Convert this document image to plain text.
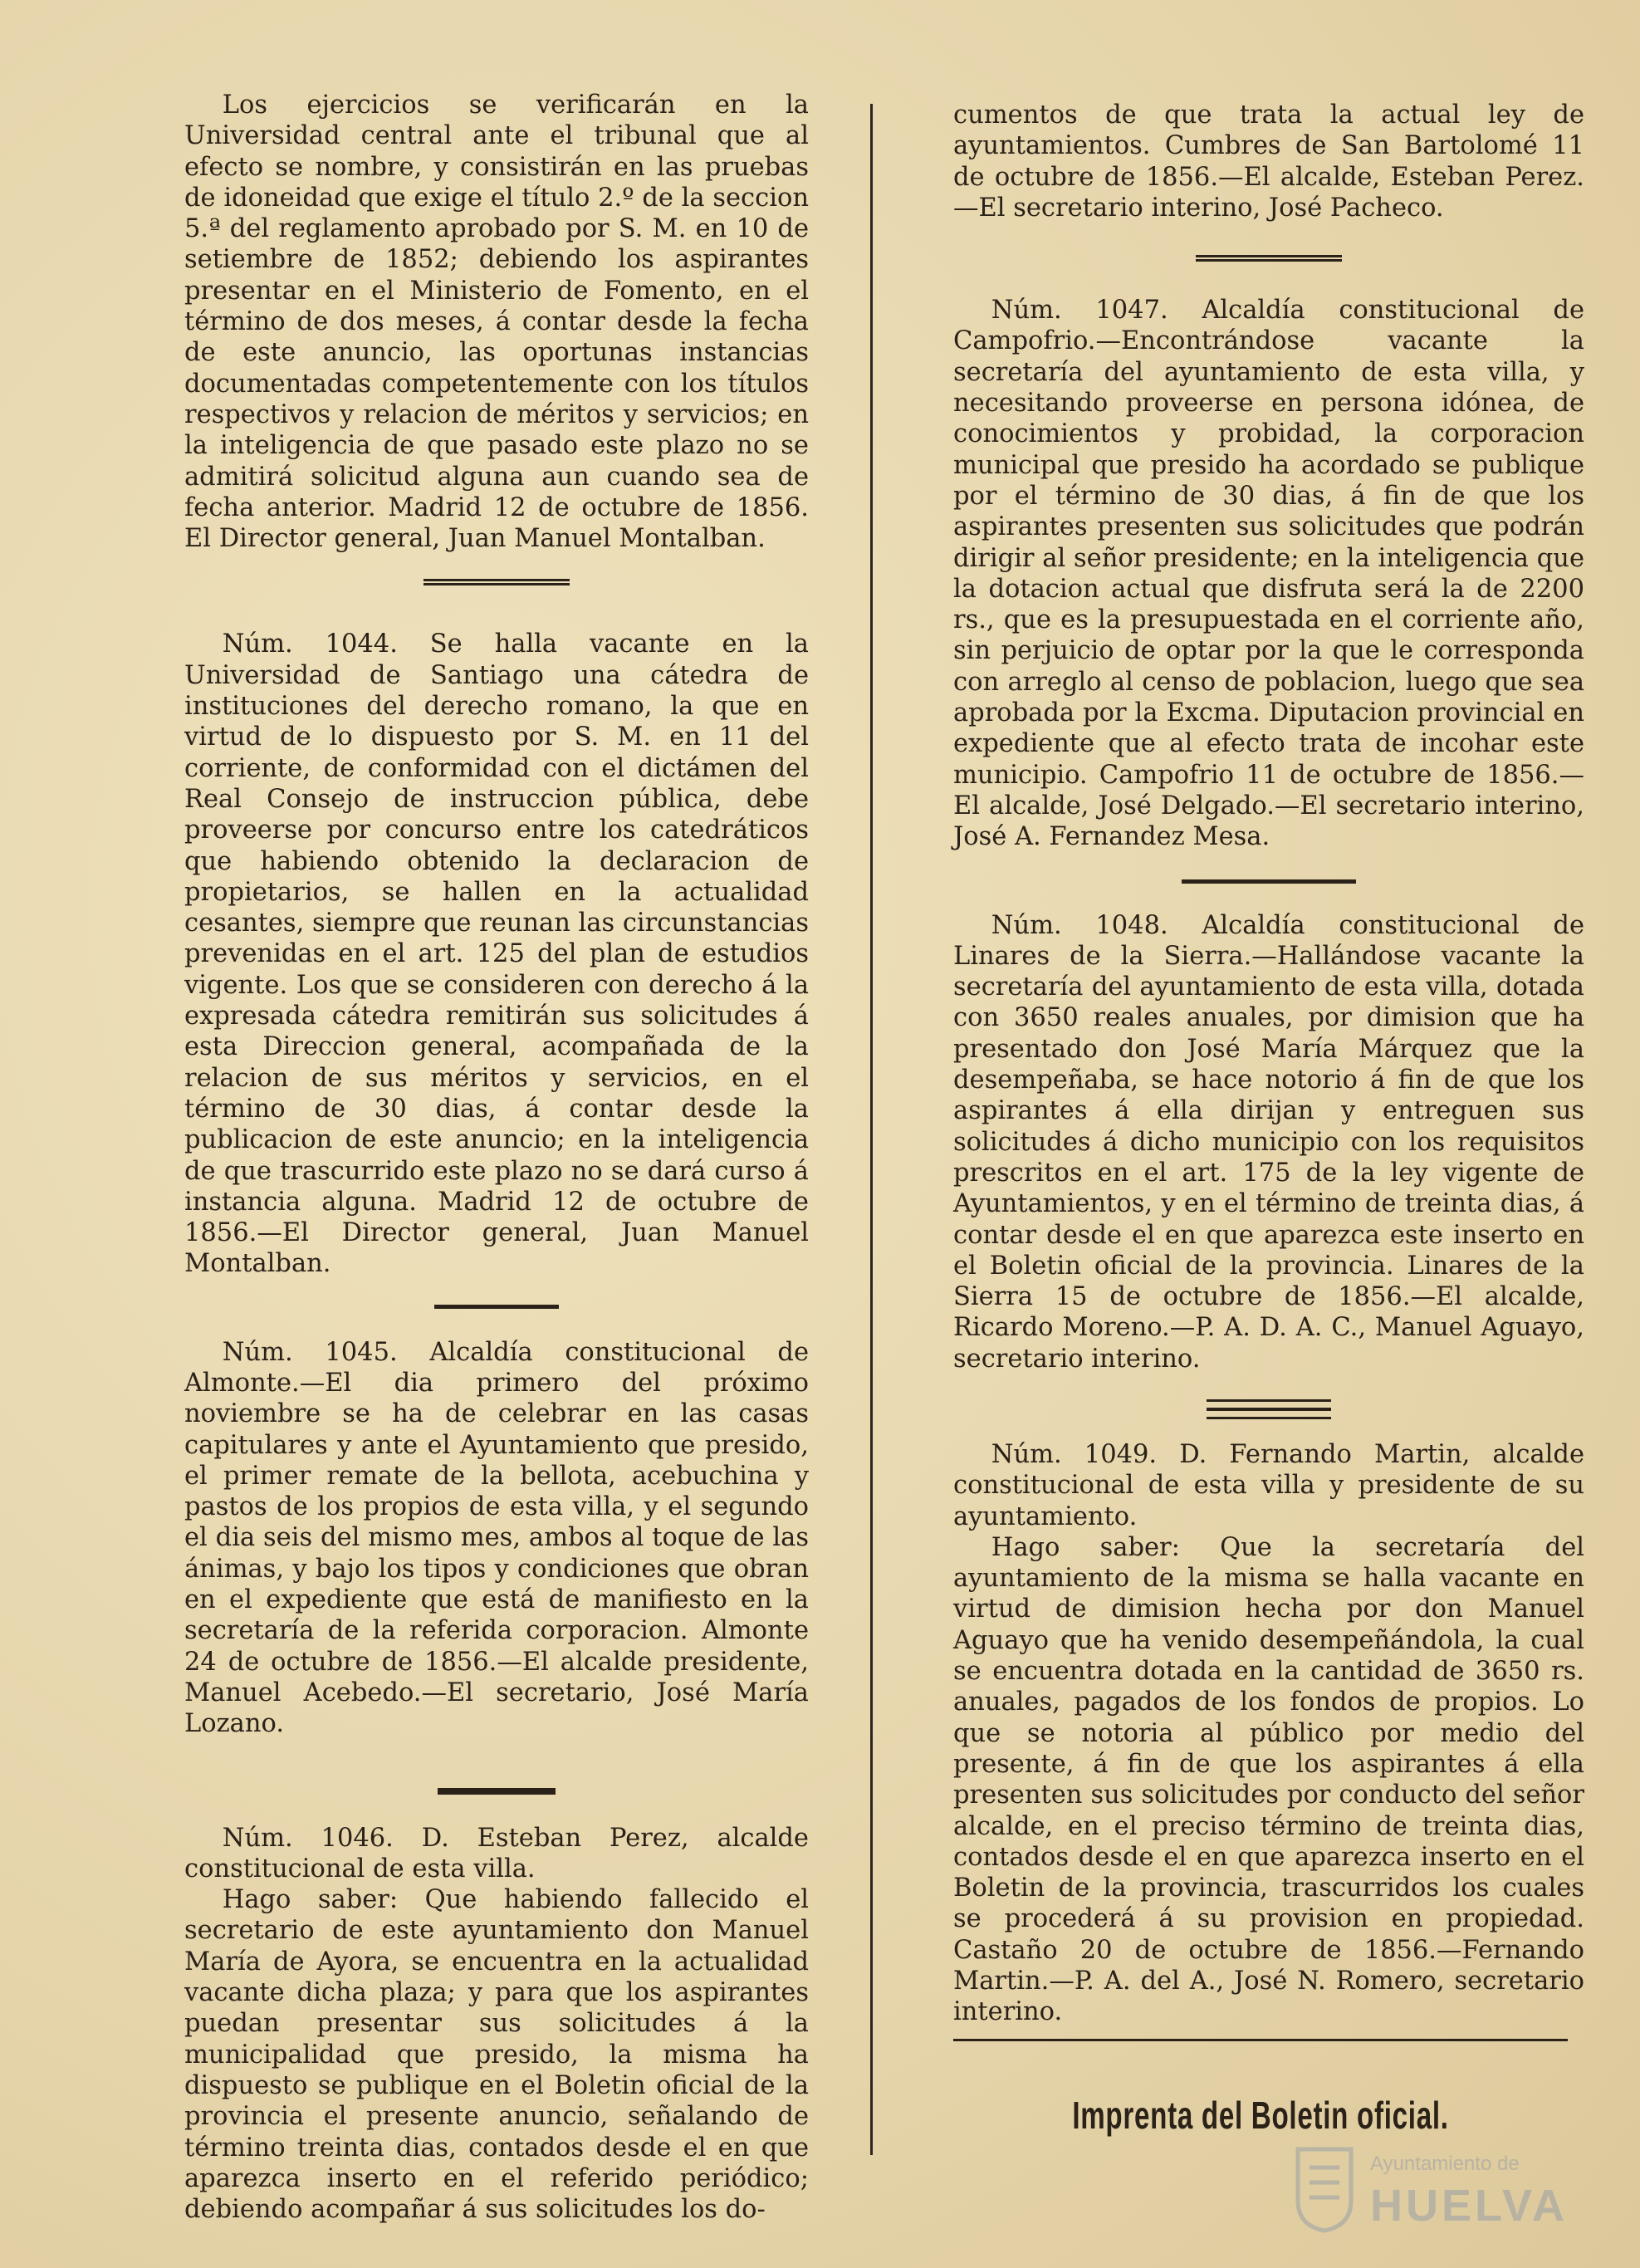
Los ejercicios se verificarán en la Universidad central ante el tribunal que al efecto se nombre, y consistirán en las pruebas de idoneidad que exige el título 2.º de la seccion 5.ª del reglamento aprobado por S. M. en 10 de setiembre de 1852; debiendo los aspirantes presentar en el Ministerio de Fomento, en el término de dos meses, á contar desde la fecha de este anuncio, las oportunas instancias documentadas competentemente con los títulos respectivos y relacion de méritos y servicios; en la inteligencia de que pasado este plazo no se admitirá solicitud alguna aun cuando sea de fecha anterior. Madrid 12 de octubre de 1856. El Director general, Juan Manuel Montalban.

Núm. 1044. Se halla vacante en la Universidad de Santiago una cátedra de instituciones del derecho romano, la que en virtud de lo dispuesto por S. M. en 11 del corriente, de conformidad con el dictámen del Real Consejo de instruccion pública, debe proveerse por concurso entre los catedráticos que habiendo obtenido la declaracion de propietarios, se hallen en la actualidad cesantes, siempre que reunan las circunstancias prevenidas en el art. 125 del plan de estudios vigente. Los que se consideren con derecho á la expresada cátedra remitirán sus solicitudes á esta Direccion general, acompañada de la relacion de sus méritos y servicios, en el término de 30 dias, á contar desde la publicacion de este anuncio; en la inteligencia de que trascurrido este plazo no se dará curso á instancia alguna. Madrid 12 de octubre de 1856.—El Director general, Juan Manuel Montalban.

Núm. 1045. Alcaldía constitucional de Almonte.—El dia primero del próximo noviembre se ha de celebrar en las casas capitulares y ante el Ayuntamiento que presido, el primer remate de la bellota, acebuchina y pastos de los propios de esta villa, y el segundo el dia seis del mismo mes, ambos al toque de las ánimas, y bajo los tipos y condiciones que obran en el expediente que está de manifiesto en la secretaría de la referida corporacion. Almonte 24 de octubre de 1856.—El alcalde presidente, Manuel Acebedo.—El secretario, José María Lozano.

Núm. 1046. D. Esteban Perez, alcalde constitucional de esta villa.

Hago saber: Que habiendo fallecido el secretario de este ayuntamiento don Manuel María de Ayora, se encuentra en la actualidad vacante dicha plaza; y para que los aspirantes puedan presentar sus solicitudes á la municipalidad que presido, la misma ha dispuesto se publique en el Boletin oficial de la provincia el presente anuncio, señalando de término treinta dias, contados desde el en que aparezca inserto en el referido periódico; debiendo acompañar á sus solicitudes los do-

cumentos de que trata la actual ley de ayuntamientos. Cumbres de San Bartolomé 11 de octubre de 1856.—El alcalde, Esteban Perez.—El secretario interino, José Pacheco.

Núm. 1047. Alcaldía constitucional de Campofrio.—Encontrándose vacante la secretaría del ayuntamiento de esta villa, y necesitando proveerse en persona idónea, de conocimientos y probidad, la corporacion municipal que presido ha acordado se publique por el término de 30 dias, á fin de que los aspirantes presenten sus solicitudes que podrán dirigir al señor presidente; en la inteligencia que la dotacion actual que disfruta será la de 2200 rs., que es la presupuestada en el corriente año, sin perjuicio de optar por la que le corresponda con arreglo al censo de poblacion, luego que sea aprobada por la Excma. Diputacion provincial en expediente que al efecto trata de incohar este municipio. Campofrio 11 de octubre de 1856.—El alcalde, José Delgado.—El secretario interino, José A. Fernandez Mesa.

Núm. 1048. Alcaldía constitucional de Linares de la Sierra.—Hallándose vacante la secretaría del ayuntamiento de esta villa, dotada con 3650 reales anuales, por dimision que ha presentado don José María Márquez que la desempeñaba, se hace notorio á fin de que los aspirantes á ella dirijan y entreguen sus solicitudes á dicho municipio con los requisitos prescritos en el art. 175 de la ley vigente de Ayuntamientos, y en el término de treinta dias, á contar desde el en que aparezca este inserto en el Boletin oficial de la provincia. Linares de la Sierra 15 de octubre de 1856.—El alcalde, Ricardo Moreno.—P. A. D. A. C., Manuel Aguayo, secretario interino.

Núm. 1049. D. Fernando Martin, alcalde constitucional de esta villa y presidente de su ayuntamiento.

Hago saber: Que la secretaría del ayuntamiento de la misma se halla vacante en virtud de dimision hecha por don Manuel Aguayo que ha venido desempeñándola, la cual se encuentra dotada en la cantidad de 3650 rs. anuales, pagados de los fondos de propios. Lo que se notoria al público por medio del presente, á fin de que los aspirantes á ella presenten sus solicitudes por conducto del señor alcalde, en el preciso término de treinta dias, contados desde el en que aparezca inserto en el Boletin de la provincia, trascurridos los cuales se procederá á su provision en propiedad. Castaño 20 de octubre de 1856.—Fernando Martin.—P. A. del A., José N. Romero, secretario interino.

Imprenta del Boletin oficial.
Ayuntamiento de
HUELVA
